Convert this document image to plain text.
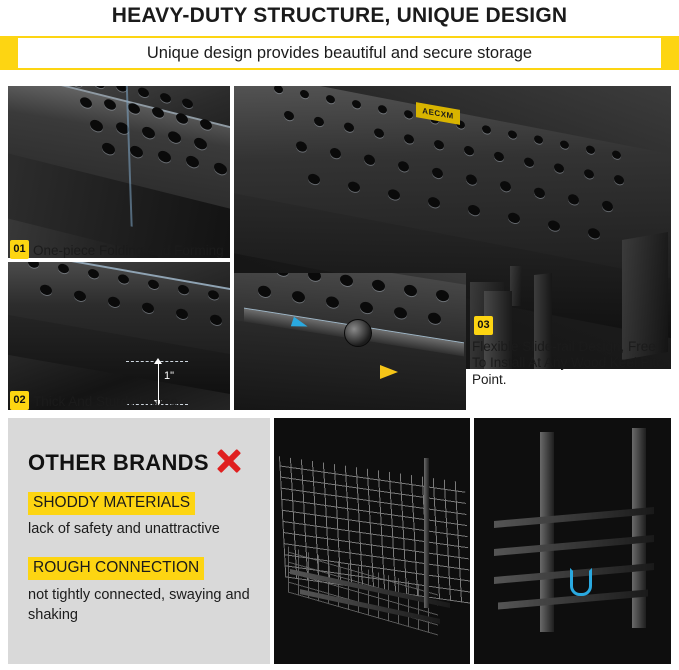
HEAVY-DUTY STRUCTURE, UNIQUE DESIGN
Unique design provides beautiful and secure storage
AECXM
1"
01 One-piece Folding And Forming
02 Thick And Sturdy Frame
03
Flexible Slide-rail Design, Free To Install At Any Wood Keel Pitch Point.
OTHER BRANDS
SHODDY MATERIALS
lack of safety and unattractive
ROUGH CONNECTION
not tightly connected, swaying and shaking
